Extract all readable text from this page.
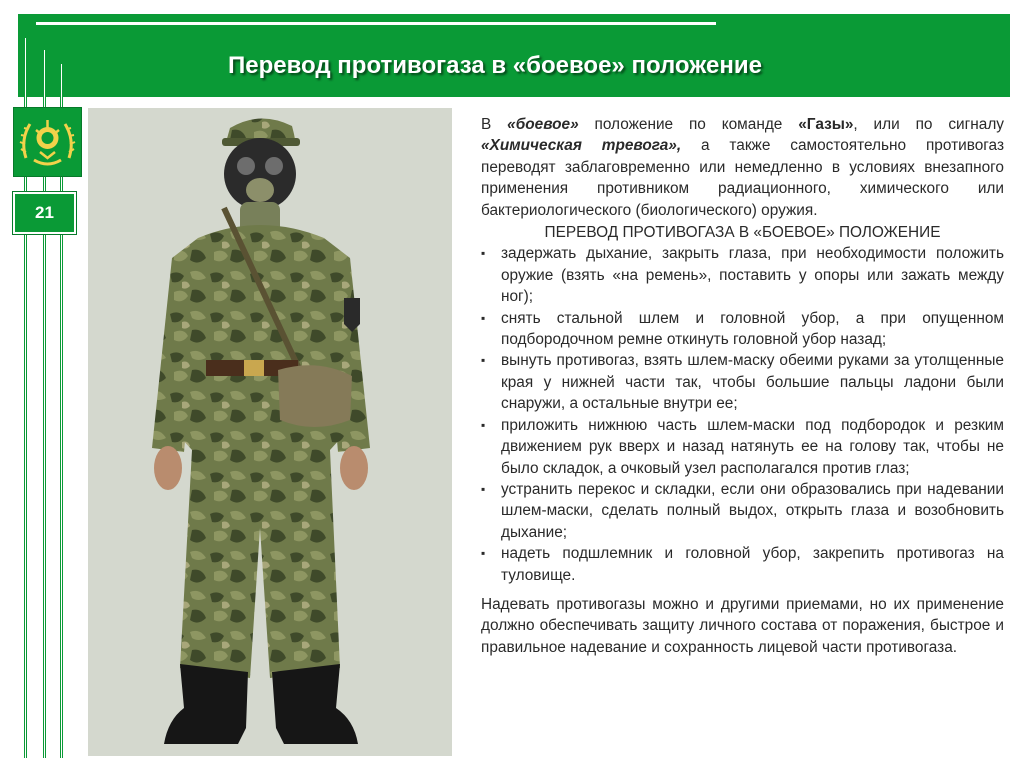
Перевод противогаза в «боевое» положение
21

В «боевое» положение по команде «Газы», или по сигналу «Химическая тревога», а также самостоятельно противогаз переводят заблаговременно или немедленно в условиях внезапного применения противником радиационного, химического или бактериологического (биологического) оружия.

ПЕРЕВОД ПРОТИВОГАЗА В «БОЕВОЕ» ПОЛОЖЕНИЕ

▪ задержать дыхание, закрыть глаза, при необходимости положить оружие (взять «на ремень», поставить у опоры или зажать между ног);
▪ снять стальной шлем и головной убор, а при опущенном подбородочном ремне откинуть головной убор назад;
▪ вынуть противогаз, взять шлем-маску обеими руками за утолщенные края у нижней части так, чтобы большие пальцы ладони были снаружи, а остальные внутри ее;
▪ приложить нижнюю часть шлем-маски под подбородок и резким движением рук вверх и назад натянуть ее на голову так, чтобы не было складок, а очковый узел располагался против глаз;
▪ устранить перекос и складки, если они образовались при надевании шлем-маски, сделать полный выдох, открыть глаза и возобновить дыхание;
▪ надеть подшлемник и головной убор, закрепить противогаз на туловище.

Надевать противогазы можно и другими приемами, но их применение должно обеспечивать защиту личного состава от поражения, быстрое и правильное надевание и сохранность лицевой части противогаза.
